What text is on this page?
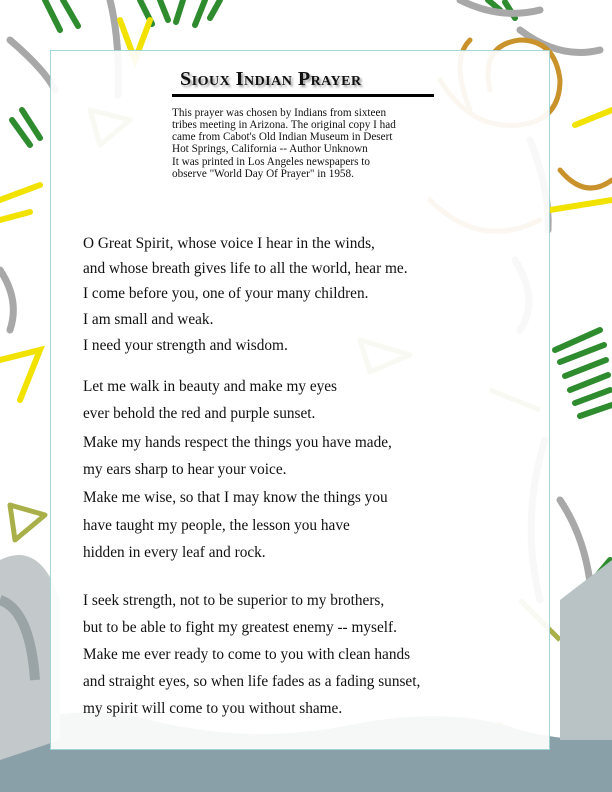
Sioux Indian Prayer

This prayer was chosen by Indians from sixteen
tribes meeting in Arizona. The original copy I had
came from Cabot's Old Indian Museum in Desert
Hot Springs, California -- Author Unknown

It was printed in Los Angeles newspapers to
observe "World Day Of Prayer" in 1958.

O Great Spirit, whose voice I hear in the winds,
and whose breath gives life to all the world, hear me.
I come before you, one of your many children.
I am small and weak.
I need your strength and wisdom.
Let me walk in beauty and make my eyes
ever behold the red and purple sunset.
Make my hands respect the things you have made,
my ears sharp to hear your voice.
Make me wise, so that I may know the things you
have taught my people, the lesson you have
hidden in every leaf and rock.
I seek strength, not to be superior to my brothers,
but to be able to fight my greatest enemy -- myself.
Make me ever ready to come to you with clean hands
and straight eyes, so when life fades as a fading sunset,
my spirit will come to you without shame.
